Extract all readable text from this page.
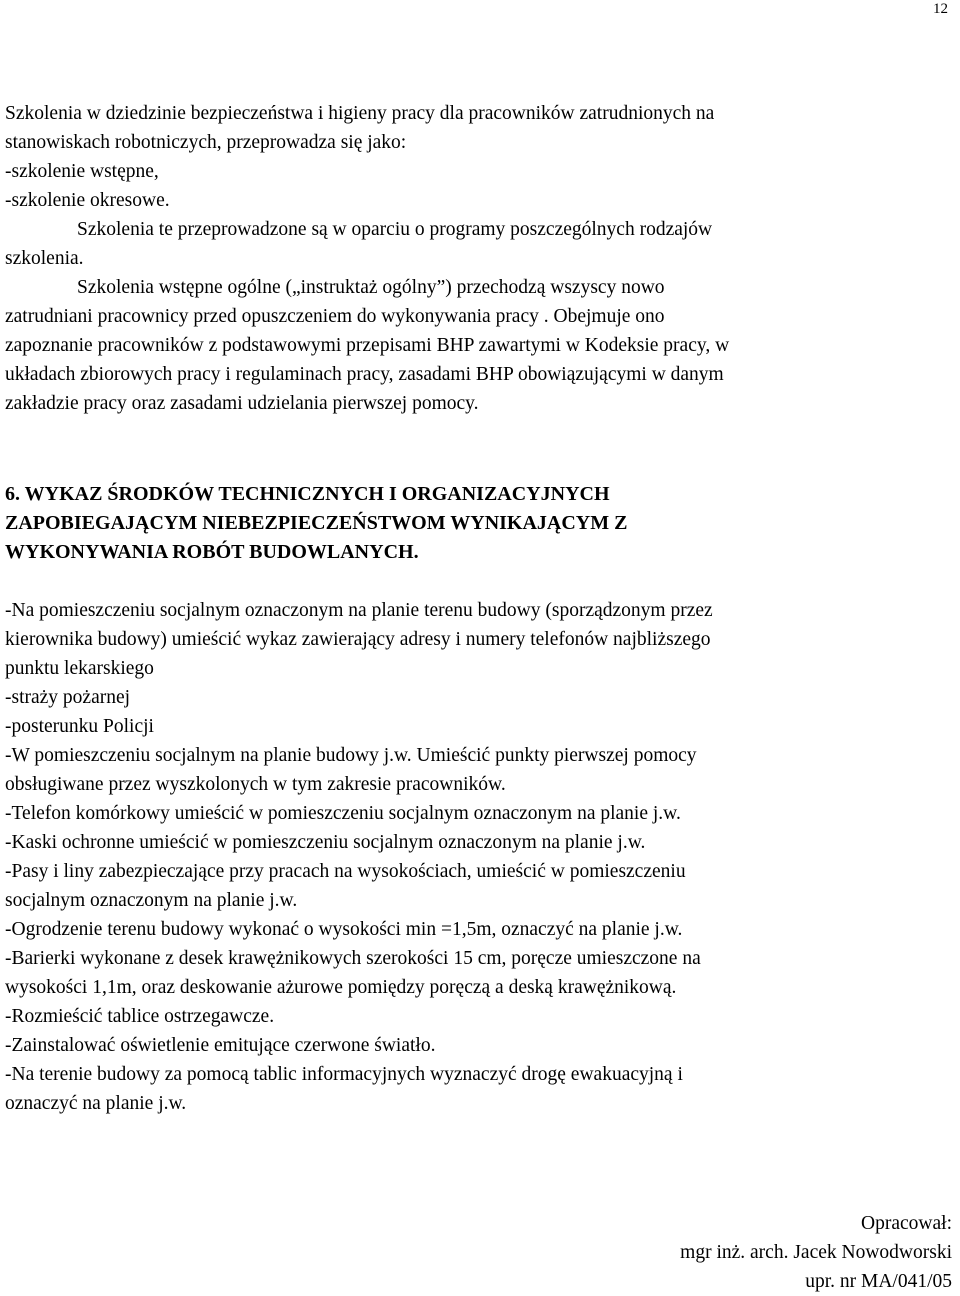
12
Szkolenia w dziedzinie bezpieczeństwa i higieny pracy dla pracowników zatrudnionych na
stanowiskach robotniczych, przeprowadza się jako:
-szkolenie wstępne,
-szkolenie okresowe.
Szkolenia te przeprowadzone są w oparciu o programy poszczególnych rodzajów
szkolenia.
Szkolenia wstępne ogólne („instruktaż ogólny”) przechodzą wszyscy nowo
zatrudniani pracownicy przed opuszczeniem do wykonywania pracy . Obejmuje ono
zapoznanie pracowników z podstawowymi przepisami BHP zawartymi w Kodeksie pracy, w
układach zbiorowych pracy i regulaminach pracy, zasadami BHP obowiązującymi w danym
zakładzie pracy oraz zasadami udzielania pierwszej pomocy.
6. WYKAZ ŚRODKÓW TECHNICZNYCH I ORGANIZACYJNYCH
ZAPOBIEGAJĄCYM NIEBEZPIECZEŃSTWOM WYNIKAJĄCYM Z
WYKONYWANIA ROBÓT BUDOWLANYCH.
-Na pomieszczeniu socjalnym oznaczonym na planie terenu budowy (sporządzonym przez
kierownika budowy) umieścić wykaz zawierający adresy i numery telefonów najbliższego
punktu lekarskiego
-straży pożarnej
-posterunku Policji
-W pomieszczeniu socjalnym na planie budowy j.w. Umieścić punkty pierwszej pomocy
obsługiwane przez wyszkolonych w tym zakresie pracowników.
-Telefon komórkowy umieścić w pomieszczeniu socjalnym oznaczonym na planie j.w.
-Kaski ochronne umieścić w pomieszczeniu socjalnym oznaczonym na planie j.w.
-Pasy i liny zabezpieczające przy pracach na wysokościach, umieścić w pomieszczeniu
socjalnym oznaczonym na planie j.w.
-Ogrodzenie terenu budowy wykonać o wysokości min =1,5m, oznaczyć na planie j.w.
-Barierki wykonane z desek krawężnikowych szerokości 15 cm, poręcze umieszczone na
wysokości 1,1m, oraz deskowanie ażurowe pomiędzy poręczą a deską krawężnikową.
-Rozmieścić tablice ostrzegawcze.
-Zainstalować oświetlenie emitujące czerwone światło.
-Na terenie budowy za pomocą tablic informacyjnych wyznaczyć drogę ewakuacyjną i
oznaczyć na planie j.w.
Opracował:
mgr inż. arch. Jacek Nowodworski
upr. nr MA/041/05
